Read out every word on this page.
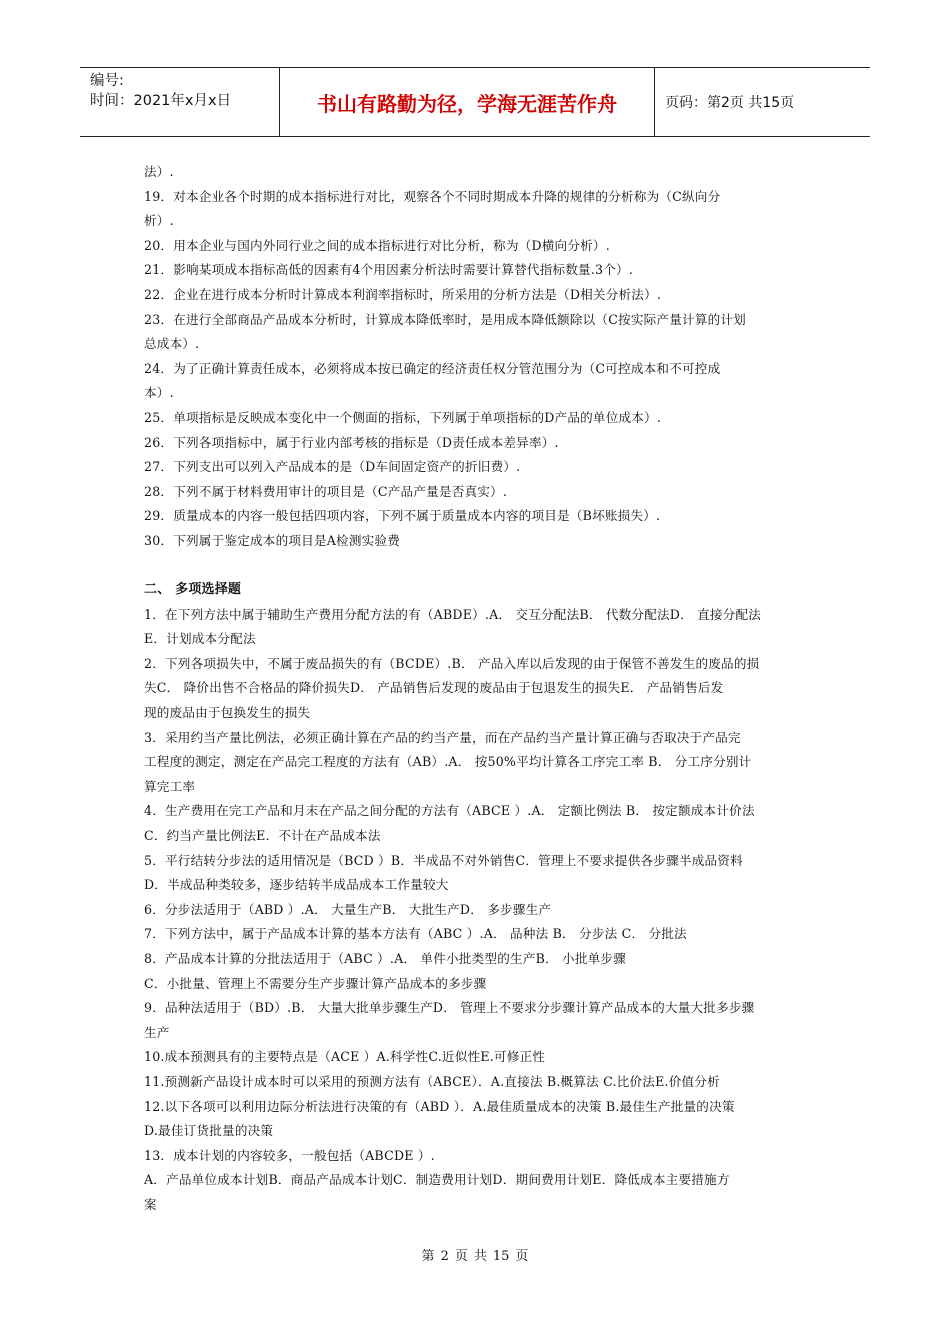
编号:
时间：2021年x月x日	书山有路勤为径，学海无涯苦作舟	页码：第2页 共15页
法）.
19．对本企业各个时期的成本指标进行对比，观察各个不同时期成本升降的规律的分析称为（C纵向分
析）.
20．用本企业与国内外同行业之间的成本指标进行对比分析，称为（D横向分析）.
21．影响某项成本指标高低的因素有4个用因素分析法时需要计算替代指标数量.3个）.
22．企业在进行成本分析时计算成本利润率指标时，所采用的分析方法是（D相关分析法）.
23．在进行全部商品产品成本分析时，计算成本降低率时，是用成本降低额除以（C按实际产量计算的计划
总成本）.
24．为了正确计算责任成本，必须将成本按已确定的经济责任权分管范围分为（C可控成本和不可控成
本）.
25．单项指标是反映成本变化中一个侧面的指标，下列属于单项指标的D产品的单位成本）.
26．下列各项指标中，属于行业内部考核的指标是（D责任成本差异率）.
27．下列支出可以列入产品成本的是（D车间固定资产的折旧费）.
28．下列不属于材料费用审计的项目是（C产品产量是否真实）.
29．质量成本的内容一般包括四项内容，下列不属于质量成本内容的项目是（B坏账损失）.
30．下列属于鉴定成本的项目是A检测实验费
二、 多项选择题
1．在下列方法中属于辅助生产费用分配方法的有（ABDE）.A． 交互分配法B． 代数分配法D． 直接分配法
E．计划成本分配法
2．下列各项损失中，不属于废品损失的有（BCDE）.B． 产品入库以后发现的由于保管不善发生的废品的损
失C． 降价出售不合格品的降价损失D． 产品销售后发现的废品由于包退发生的损失E． 产品销售后发
现的废品由于包换发生的损失
3．采用约当产量比例法，必须正确计算在产品的约当产量，而在产品约当产量计算正确与否取决于产品完
工程度的测定，测定在产品完工程度的方法有（AB）.A． 按50%平均计算各工序完工率 B． 分工序分别计
算完工率
4．生产费用在完工产品和月末在产品之间分配的方法有（ABCE ）.A． 定额比例法 B． 按定额成本计价法
C．约当产量比例法E．不计在产品成本法
5．平行结转分步法的适用情况是（BCD ）B．半成品不对外销售C．管理上不要求提供各步骤半成品资料
D．半成品种类较多，逐步结转半成品成本工作量较大
6．分步法适用于（ABD ）.A． 大量生产B． 大批生产D． 多步骤生产
7．下列方法中，属于产品成本计算的基本方法有（ABC ）.A． 品种法 B． 分步法 C． 分批法
8．产品成本计算的分批法适用于（ABC ）.A． 单件小批类型的生产B． 小批单步骤
C．小批量、管理上不需要分生产步骤计算产品成本的多步骤
9．品种法适用于（BD）.B． 大量大批单步骤生产D． 管理上不要求分步骤计算产品成本的大量大批多步骤
生产
10.成本预测具有的主要特点是（ACE ）A.科学性C.近似性E.可修正性
11.预测新产品设计成本时可以采用的预测方法有（ABCE）．A.直接法 B.概算法 C.比价法E.价值分析
12.以下各项可以利用边际分析法进行决策的有（ABD ）．A.最佳质量成本的决策 B.最佳生产批量的决策
D.最佳订货批量的决策
13．成本计划的内容较多，一般包括（ABCDE ）.
A．产品单位成本计划B．商品产品成本计划C．制造费用计划D．期间费用计划E．降低成本主要措施方
案
第 2 页 共 15 页
